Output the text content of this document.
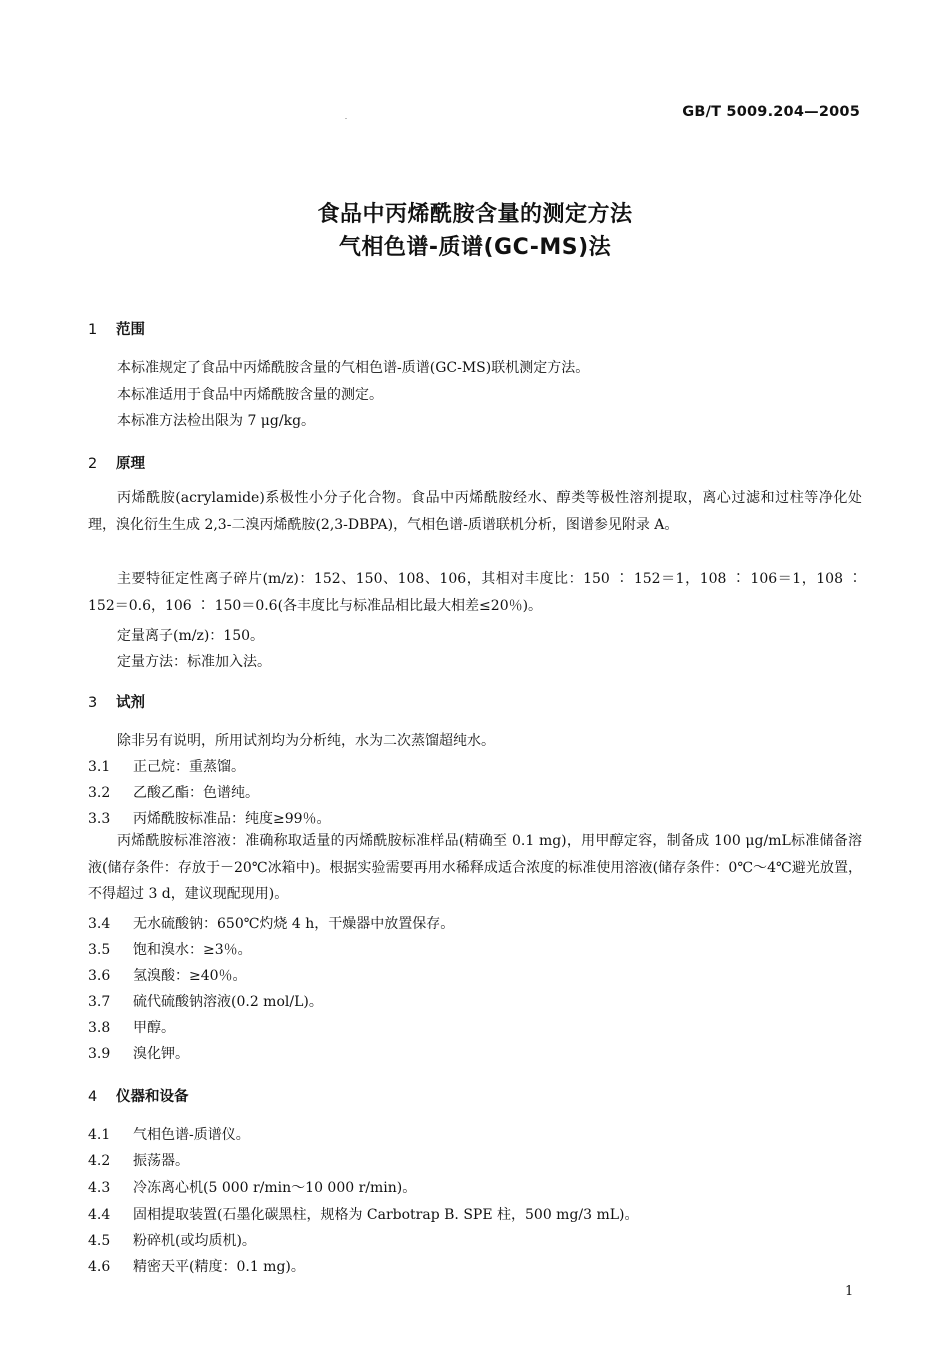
GB/T 5009.204—2005
食品中丙烯酰胺含量的测定方法
气相色谱-质谱(GC-MS)法
1 范围
本标准规定了食品中丙烯酰胺含量的气相色谱-质谱(GC-MS)联机测定方法。
本标准适用于食品中丙烯酰胺含量的测定。
本标准方法检出限为 7 μg/kg。
2 原理
丙烯酰胺(acrylamide)系极性小分子化合物。食品中丙烯酰胺经水、醇类等极性溶剂提取，离心过滤和过柱等净化处理，溴化衍生生成 2,3-二溴丙烯酰胺(2,3-DBPA)，气相色谱-质谱联机分析，图谱参见附录 A。
主要特征定性离子碎片(m/z)：152、150、108、106，其相对丰度比：150 ∶ 152＝1，108 ∶ 106＝1，108 ∶ 152＝0.6，106 ∶ 150＝0.6(各丰度比与标准品相比最大相差≤20％)。
定量离子(m/z)：150。
定量方法：标准加入法。
3 试剂
除非另有说明，所用试剂均为分析纯，水为二次蒸馏超纯水。
3.1 正己烷：重蒸馏。
3.2 乙酸乙酯：色谱纯。
3.3 丙烯酰胺标准品：纯度≥99％。
丙烯酰胺标准溶液：准确称取适量的丙烯酰胺标准样品(精确至 0.1 mg)，用甲醇定容，制备成 100 μg/mL标准储备溶液(储存条件：存放于－20℃冰箱中)。根据实验需要再用水稀释成适合浓度的标准使用溶液(储存条件：0℃～4℃避光放置，不得超过 3 d，建议现配现用)。
3.4 无水硫酸钠：650℃灼烧 4 h，干燥器中放置保存。
3.5 饱和溴水：≥3％。
3.6 氢溴酸：≥40％。
3.7 硫代硫酸钠溶液(0.2 mol/L)。
3.8 甲醇。
3.9 溴化钾。
4 仪器和设备
4.1 气相色谱-质谱仪。
4.2 振荡器。
4.3 冷冻离心机(5 000 r/min～10 000 r/min)。
4.4 固相提取装置(石墨化碳黑柱，规格为 Carbotrap B. SPE 柱，500 mg/3 mL)。
4.5 粉碎机(或均质机)。
4.6 精密天平(精度：0.1 mg)。
1
